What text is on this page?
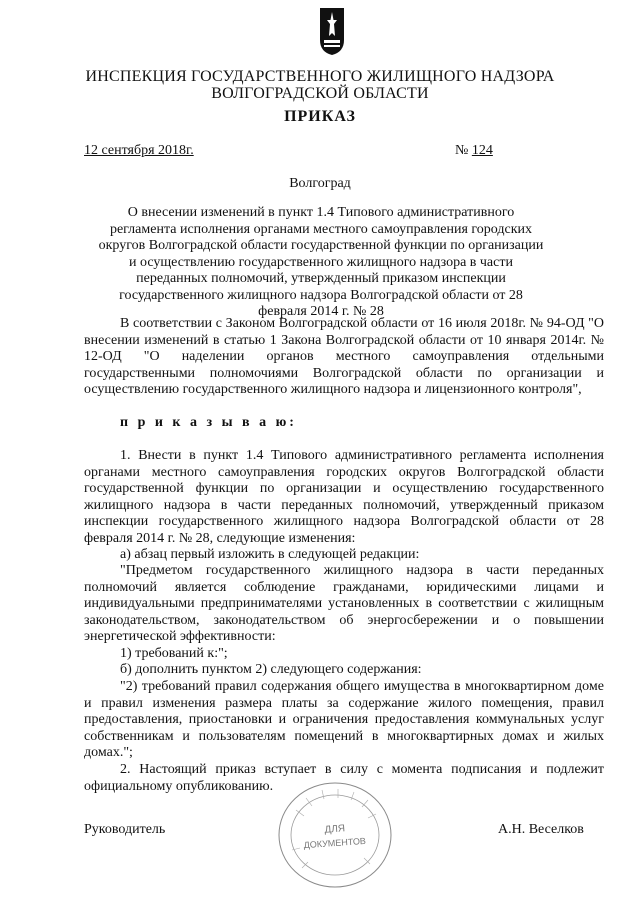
ИНСПЕКЦИЯ ГОСУДАРСТВЕННОГО ЖИЛИЩНОГО НАДЗОРА
ВОЛГОГРАДСКОЙ ОБЛАСТИ
ПРИКАЗ
12 сентября 2018г.	№ 124
Волгоград
О внесении изменений в пункт 1.4 Типового административного регламента исполнения органами местного самоуправления городских округов Волгоградской области государственной функции по организации и осуществлению государственного жилищного надзора в части переданных полномочий, утвержденный приказом инспекции государственного жилищного надзора Волгоградской области от 28 февраля 2014 г. № 28
В соответствии с Законом Волгоградской области от 16 июля 2018г. № 94-ОД "О внесении изменений в статью 1 Закона Волгоградской области от 10 января 2014г. № 12-ОД "О наделении органов местного самоуправления отдельными государственными полномочиями Волгоградской области по организации и осуществлению государственного жилищного надзора и лицензионного контроля",
п р и к а з ы в а ю:
1. Внести в пункт 1.4 Типового административного регламента исполнения органами местного самоуправления городских округов Волгоградской области государственной функции по организации и осуществлению государственного жилищного надзора в части переданных полномочий, утвержденный приказом инспекции государственного жилищного надзора Волгоградской области от 28 февраля 2014 г. № 28, следующие изменения:
а) абзац первый изложить в следующей редакции:
"Предметом государственного жилищного надзора в части переданных полномочий является соблюдение гражданами, юридическими лицами и индивидуальными предпринимателями установленных в соответствии с жилищным законодательством, законодательством об энергосбережении и о повышении энергетической эффективности:
1) требований к:";
б) дополнить пунктом 2) следующего содержания:
"2) требований правил содержания общего имущества в многоквартирном доме и правил изменения размера платы за содержание жилого помещения, правил предоставления, приостановки и ограничения предоставления коммунальных услуг собственникам и пользователям помещений в многоквартирных домах и жилых домах.";
2. Настоящий приказ вступает в силу с момента подписания и подлежит официальному опубликованию.
ДЛЯ
ДОКУМЕНТОВ
Руководитель	А.Н. Веселков
